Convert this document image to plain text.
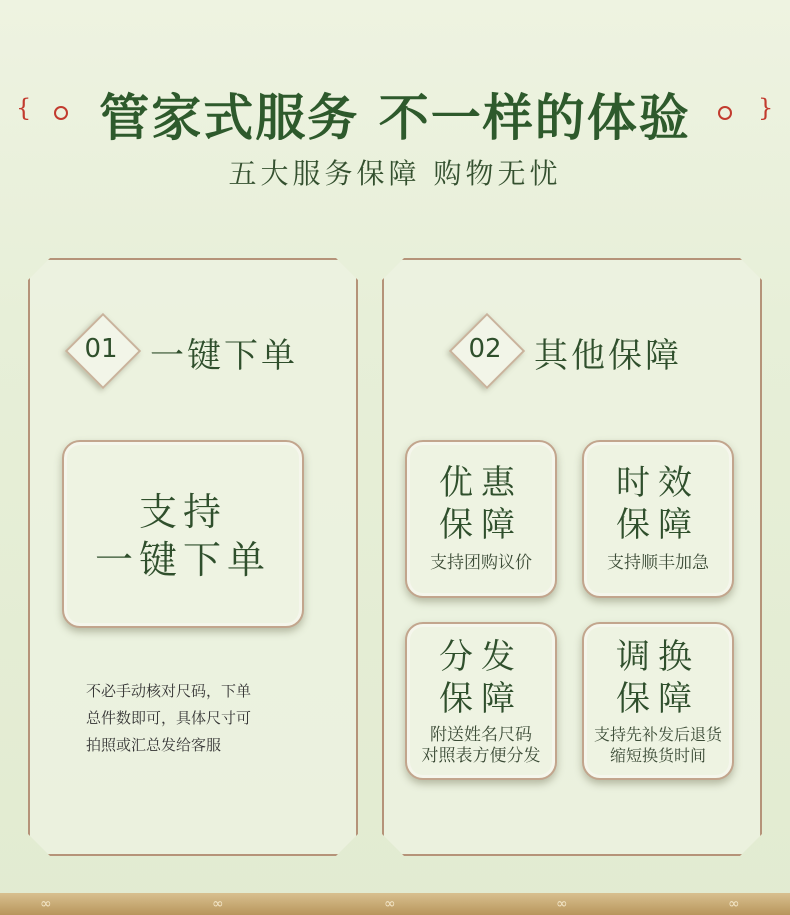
{	管家式服务 不一样的体验	}
五大服务保障 购物无忧
01 一键下单
支持
一键下单
不必手动核对尺码，下单
总件数即可，具体尺寸可
拍照或汇总发给客服
02 其他保障
优惠
保障
支持团购议价
时效
保障
支持顺丰加急
分发
保障
附送姓名尺码
对照表方便分发
调换
保障
支持先补发后退货
缩短换货时间
∞	∞	∞	∞	∞
